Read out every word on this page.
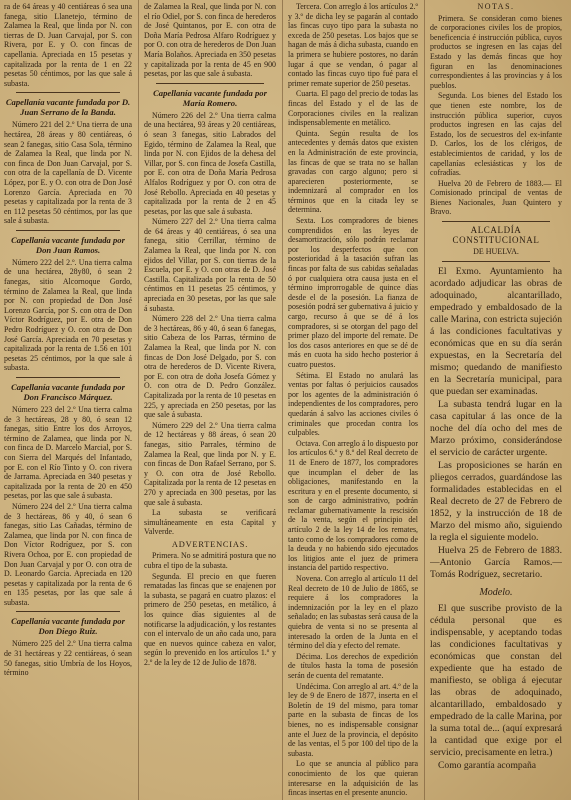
ra de 64 áreas y 40 centiáreas ó sea una fanega, sitio Llanetejo, término de Zalamea la Real, que linda por N. con tierras de D. Juan Carvajal, por S. con Rivera, por E. y O. con fincas de capellania. Apreciada en 15 pesetas y capitalizada por la renta de 1 en 22 pesetas 50 céntimos, por las que sale á subasta.

Capellanía vacante fundada por D. Juan Serrano de la Banda.

Número 221 del 2.º Una tierra de una hectárea, 28 áreas y 80 centiáreas, ó sean 2 fanegas, sitio Casa Sola, término de Zalamea la Real, que linda por N. con finca de Don Juan Carvajal, por S. con otra de la capellanía de D. Vicente López, por E. y O. con otra de Don José Lorenzo García. Apreciada en 70 pesetas y capitalizada por la renta de 3 en 112 pesetas 50 céntimos, por las que sale á subasta.

Capellanía vacante fundada por Don Juan Ramos.

Número 222 del 2.º. Una tierra calma de una hectárea, 28y80, ó sean 2 fanegas, sitio Alcornoque Gordo, término de Zalamea la Real, que linda por N. con propiedad de Don José Lorenzo García, por S. con otra de Don Víctor Rodríguez, por E. otra de Don Pedro Rodríguez y O. con otra de Don José García. Apreciada en 70 pesetas y capitalizada por la renta de 1.56 en 101 pesetas 25 céntimos, por la que sale á subasta.

Capellanía vacante fundada por Don Francisco Márquez.

Número 223 del 2.º Una tierra calma de 3 hectáreas, 28 y 80, ó sean 12 fanegas, sitio Entre los dos Arroyos, término de Zalamea, que linda por N. con finca de D. Marcelo Marcial, por S. con Sierra del Marqués del Infantado, por E. con el Río Tinto y O. con rivera de Jarrama. Apreciada en 340 pesetas y capitalizada por la renta de 20 en 450 pesetas, por las que sale á subasta.

Número 224 del 2.º Una tierra calma de 3 hectáreas, 86 y 40, ó sean 6 fanegas, sitio Las Cañadas, término de Zalamea, que linda por N. con finca de Don Víctor Rodríguez, por S. con Rivera Ochoa, por E. con propiedad de Don Juan Carvajal y por O. con otra de D. Leonardo Garcia. Apreciada en 120 pesetas y capitalizada por la renta de 6 en 135 pesetas, por las que sale á subasta.

Capellanía vacante fundada por Don Diego Ruiz.

Número 225 del 2.º Una tierra calma de 31 hectáreas y 22 centiáreas, ó sean 50 fanegas, sitio Umbría de los Hoyos, término

de Zalamea la Real, que linda por N. con el río Odiel, por S. con finca de herederos de José Quintanos, por E. con otra de Doña María Pedrosa Alfaro Rodríguez y por O. con otra de herederos de Don Juan María Bolaños. Apreciada en 350 pesetas y capitalizada por la renta de 45 en 900 pesetas, por las que sale á subasta.

Capellanía vacante fundada por María Romero.

Número 226 del 2.º Una tierra calma de una hectárea, 93 áreas y 20 centiáreas, ó sean 3 fanegas, sitio Labrados del Egido, término de Zalamea la Real, que linda por N. con Ejidos de la dehesa del Villar, por S. con finca de Josefa Castilla, por E. con otra de Doña María Pedrosa Alfalos Rodríguez y por O. con otra de José Rebollo. Apreciada en 40 pesetas y capitalizada por la renta de 2 en 45 pesetas, por las que sale á subasta.

Número 227 del 2.º Una tierra calma de 64 áreas y 40 centiáreas, ó sea una fanega, sitio Cerrillar, término de Zalamea la Real, que linda por N. con ejidos del Villar, por S. con tierras de la Escuela, por E. y O. con otras de D. José Castilla. Capitalizada por la renta de 50 céntimos en 11 pesetas 25 céntimos, y apreciada en 30 pesetas, por las que sale á subasta.

Número 228 del 2.º Una tierra calma de 3 hectáreas, 86 y 40, ó sean 6 fanegas, sitio Cabeza de los Parras, término de Zalamea la Real, que linda por N. con fincas de Don José Delgado, por S. con otra de herederos de D. Vicente Rivera, por E. con otra de doña Josefa Gómez y O. con otra de D. Pedro González. Capitalizada por la renta de 10 pesetas en 225, y apreciada en 250 pesetas, por las que sale á subasta.

Número 229 del 2.º Una tierra calma de 12 hectáreas y 88 áreas, ó sean 20 fanegas, sitio Parrales, término de Zalamea la Real, que linda por N. y E. con fincas de Don Rafael Serrano, por S. y O. con otra de José Rebollo. Capitalizada por la renta de 12 pesetas en 270 y apreciada en 300 pesetas, por las que sale á subasta.

La subasta se verificará simultáneamente en esta Capital y Valverde.

ADVERTENCIAS.

Primera. No se admitirá postura que no cubra el tipo de la subasta.

Segunda. El precio en que fueren rematadas las fincas que se enajenen por la subasta, se pagará en cuatro plazos: el primero de 250 pesetas, en metálico, á los quince días siguientes al de notificarse la adjudicación, y los restantes con el intervalo de un año cada uno, para que en nuevos quince cabeza en valor, según lo prevenido en los artículos 1.º y 2.º de la ley de 12 de Julio de 1878.

Tercera. Con arreglo á los artículos 2.º y 3.º de dicha ley se pagarán al contado las fincas cuyo tipo para la subasta no exceda de 250 pesetas. Los bajos que se hagan de más á dicha subasta, cuando en la primera se hubiere postores, no darán lugar á que se vendan, ó pagar al contado las fincas cuyo tipo fué para el primer remate superior de 250 pesetas.

Cuarta. El pago del precio de todas las fincas del Estado y el de las de Corporaciones civiles en la realizan indispensablemente en metálico.

Quinta. Según resulta de los antecedentes y demás datos que existen en la Administración de este provincia, las fincas de que se trata no se hallan gravadas con cargo alguno; pero si aparecieren posteriormente, se indemnizará al comprador en los términos que en la citada ley se determina.

Sexta. Los compradores de bienes comprendidos en las leyes de desamortización, sólo podrán reclamar por los desperfectos que con posterioridad á la tasación sufran las fincas por falta de sus cabidas señaladas ó por cualquiera otra causa justa en el término improrrogable de quince días desde el de la posesión. La fianza de posesión podrá ser gubernativa á juicio y cargo, recurso á que se dé á los compradores, si se otorgan del pago del primer plazo del importe del remate. De los dos casos anteriores en que se dé de más en cuota ha sido hecho posterior á cuatro puestos.

Sétima. El Estado no anulará las ventas por faltas ó perjuicios causados por los agentes de la administración ó independientes de los compradores, pero quedarán á salvo las acciones civiles ó criminales que procedan contra los culpables.

Octava. Con arreglo á lo dispuesto por los artículos 6.º y 8.º del Real decreto de 11 de Enero de 1877, los compradores que incumplan el deber de las obligaciones, manifestando en la escritura y en el presente documento, si son de cargo administrativo, podrán reclamar gubernativamente la rescisión de la venta, según el principio del artículo 2 de la ley 14 de los remates, tanto como de los compradores como de la deuda y no habiendo sido ejecutados los litigios ante el juez de primera instancia del partido respectivo.

Novena. Con arreglo al artículo 11 del Real decreto de 10 de Julio de 1865, se requiere á los compradores la indemnización por la ley en el plazo señalado; en las subastas será causa de la quiebra de venta si no se presenta al interesado la orden de la Junta en el término del día y efecto del remate.

Décima. Los derechos de expedición de títulos hasta la toma de posesión serán de cuenta del rematante.

Undécima. Con arreglo al art. 4.º de la ley de 9 de Enero de 1877, inserta en el Boletín de 19 del mismo, para tomar parte en la subasta de fincas de los bienes, no es indispensable consignar ante el Juez de la provincia, el depósito de las ventas, el 5 por 100 del tipo de la subasta.

Lo que se anuncia al público para conocimiento de los que quieran interesarse en la adquisición de las fincas insertas en el presente anuncio.

NOTAS.

Primera. Se consideran como bienes de corporaciones civiles los de propios, beneficencia é instrucción pública, cuyos productos se ingresen en las cajas del Estado y las demás fincas que hoy figuran en las denominaciones correspondientes á las provincias y á los pueblos.

Segunda. Los bienes del Estado los que tienen este nombre, los de instrucción pública superior, cuyos productos ingresen en las cajas del Estado, los de secuestros del ex-infante D. Carlos, los de los clérigos, de establecimientos de caridad, y los de capellanías eclesiásticas y los de cofradías.

Huelva 20 de Febrero de 1883.— El Comisionado principal de ventas de Bienes Nacionales, Juan Quintero y Bravo.

ALCALDÍA CONSTITUCIONAL

DE HUELVA.

El Exmo. Ayuntamiento ha acordado adjudicar las obras de adoquinado, alcantarillado, empedrado y embaldosado de la calle Marina, con estricta sujeción á las condiciones facultativas y económicas que en su día serán expuestas, en la Secretaría del mismo; quedando de manifiesto en la Secretaría municipal, para que puedan ser examinadas.

La subasta tendrá lugar en la casa capitular á las once de la noche del día ocho del mes de Marzo próximo, considerándose el servicio de carácter urgente.

Las proposiciones se harán en pliegos cerrados, guardándose las formalidades establecidas en el Real decreto de 27 de Febrero de 1852, y la instrucción de 18 de Marzo del mismo año, siguiendo la regla el siguiente modelo.

Huelva 25 de Febrero de 1883.—Antonio García Ramos.—Tomás Rodríguez, secretario.

Modelo.

El que suscribe provisto de la cédula personal que es indispensable, y aceptando todas las condiciones facultativas y económicas que constan del expediente que ha estado de manifiesto, se obliga á ejecutar las obras de adoquinado, alcantarillado, embaldosado y empedrado de la calle Marina, por la suma total de... (aquí expresará la cantidad que exige por el servicio, precisamente en letra.)

Como garantía acompaña
